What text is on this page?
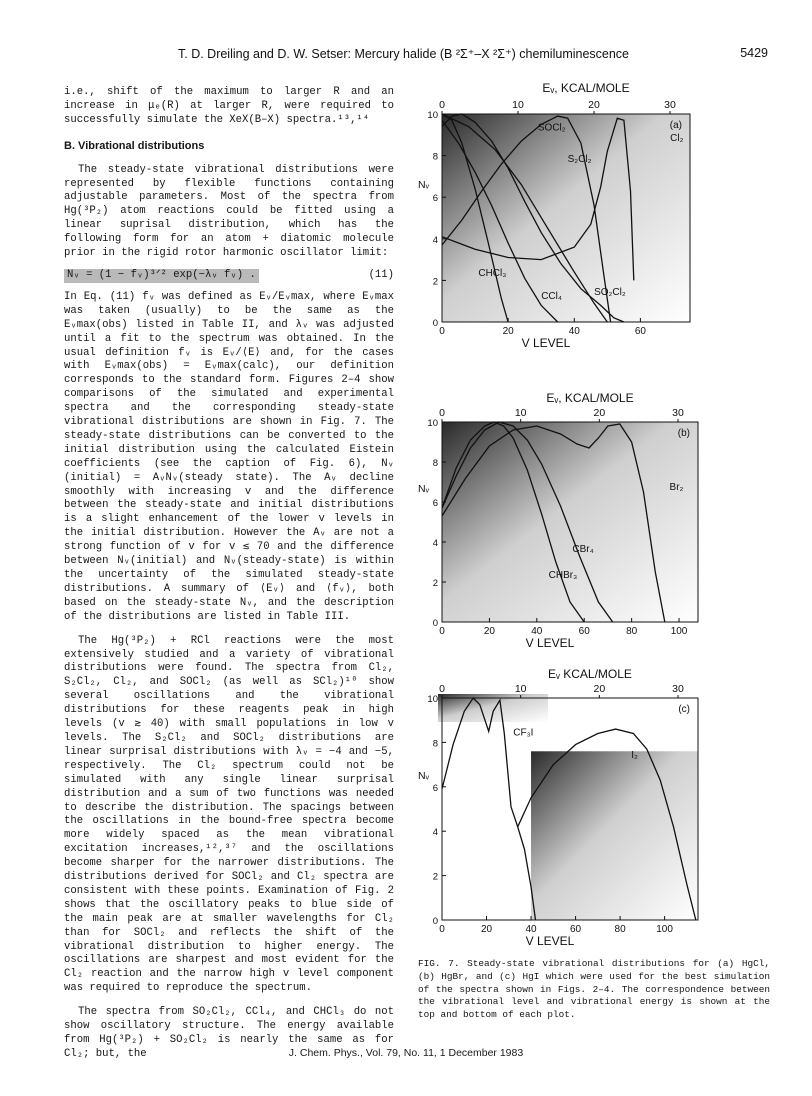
T. D. Dreiling and D. W. Setser: Mercury halide (B ²Σ⁺–X ²Σ⁺) chemiluminescence	5429

i.e., shift of the maximum to larger R and an increase in μₑ(R) at larger R, were required to successfully simulate the XeX(B–X) spectra.¹³,¹⁴

B. Vibrational distributions

The steady-state vibrational distributions were represented by flexible functions containing adjustable parameters. Most of the spectra from Hg(³P₂) atom reactions could be fitted using a linear suprisal distribution, which has the following form for an atom + diatomic molecule prior in the rigid rotor harmonic oscillator limit:

Nᵥ = (1 − fᵥ)³ᐟ² exp(−λᵥ fᵥ) .	(11)

In Eq. (11) fᵥ was defined as Eᵥ/Eᵥmax, where Eᵥmax was taken (usually) to be the same as the Eᵥmax(obs) listed in Table II, and λᵥ was adjusted until a fit to the spectrum was obtained. In the usual definition fᵥ is Eᵥ/⟨E⟩ and, for the cases with Eᵥmax(obs) = Eᵥmax(calc), our definition corresponds to the standard form. Figures 2–4 show comparisons of the simulated and experimental spectra and the corresponding steady-state vibrational distributions are shown in Fig. 7. The steady-state distributions can be converted to the initial distribution using the calculated Eistein coefficients (see the caption of Fig. 6), Nᵥ (initial) = AᵥNᵥ(steady state). The Aᵥ decline smoothly with increasing v and the difference between the steady-state and initial distributions is a slight enhancement of the lower v levels in the initial distribution. However the Aᵥ are not a strong function of v for v ≲ 70 and the difference between Nᵥ(initial) and Nᵥ(steady-state) is within the uncertainty of the simulated steady-state distributions. A summary of ⟨Eᵥ⟩ and ⟨fᵥ⟩, both based on the steady-state Nᵥ, and the description of the distributions are listed in Table III.

The Hg(³P₂) + RCl reactions were the most extensively studied and a variety of vibrational distributions were found. The spectra from Cl₂, S₂Cl₂, Cl₂, and SOCl₂ (as well as SCl₂)¹⁰ show several oscillations and the vibrational distributions for these reagents peak in high levels (v ≳ 40) with small populations in low v levels. The S₂Cl₂ and SOCl₂ distributions are linear surprisal distributions with λᵥ = −4 and −5, respectively. The Cl₂ spectrum could not be simulated with any single linear surprisal distribution and a sum of two functions was needed to describe the distribution. The spacings between the oscillations in the bound-free spectra become more widely spaced as the mean vibrational excitation increases,¹²,³⁷ and the oscillations become sharper for the narrower distributions. The distributions derived for SOCl₂ and Cl₂ spectra are consistent with these points. Examination of Fig. 2 shows that the oscillatory peaks to blue side of the main peak are at smaller wavelengths for Cl₂ than for SOCl₂ and reflects the shift of the vibrational distribution to higher energy. The oscillations are sharpest and most evident for the Cl₂ reaction and the narrow high v level component was required to reproduce the spectrum.

The spectra from SO₂Cl₂, CCl₄, and CHCl₃ do not show oscillatory structure. The energy available from Hg(³P₂) + SO₂Cl₂ is nearly the same as for Cl₂; but, the

Eᵥ, KCAL/MOLE
0	10	20	30
0
2
4
6
8
10
Nᵥ
0	20	40	60
V LEVEL
(a)
SOCl₂
S₂Cl₂
Cl₂
CHCl₃
CCl₄	SO₂Cl₂
Eᵥ, KCAL/MOLE
0	10	20	30
0
2
4
6
8
10
Nᵥ
0	20	40	60	80	100
V LEVEL
(b)
Br₂
CBr₄
CHBr₃
Eᵥ KCAL/MOLE
0	10	20	30
0
2
4
6
8
10
Nᵥ
0	20	40	60	80	100
V LEVEL
(c)
CF₃I
I₂
FIG. 7. Steady-state vibrational distributions for (a) HgCl, (b) HgBr, and (c) HgI which were used for the best simulation of the spectra shown in Figs. 2–4. The correspondence between the vibrational level and vibrational energy is shown at the top and bottom of each plot.
J. Chem. Phys., Vol. 79, No. 11, 1 December 1983
